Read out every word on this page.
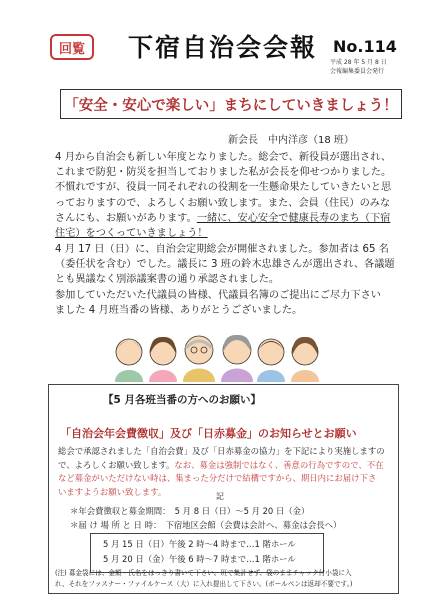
回覧	下宿自治会会報 No.114
平成 28 年 5 月 8 日
会報編集委員会発行
「安全・安心で楽しい」まちにしていきましょう！
新会長　中内洋彦（18 班）
4 月から自治会も新しい年度となりました。総会で、新役員が選出され、
これまで防犯・防災を担当しておりました私が会長を仰せつかりました。
不慣れですが、役員一同それぞれの役割を一生懸命果たしていきたいと思
っておりますので、よろしくお願い致します。また、会員（住民）のみな
さんにも、お願いがあります。一緒に、安心安全で健康長寿のまち（下宿
住宅）をつくっていきましょう！
4 月 17 日（日）に、自治会定期総会が開催されました。参加者は 65 名
（委任状を含む）でした。議長に 3 班の鈴木忠雄さんが選出され、各議題
とも異議なく別添議案書の通り承認されました。
参加していただいた代議員の皆様、代議員名簿のご提出にご尽力下さい
ました 4 月班当番の皆様、ありがとうございました。
【5 月各班当番の方へのお願い】
「自治会年会費徴収」及び「日赤募金」のお知らせとお願い
総会で承認されました「自治会費」及び「日赤募金の協力」を下記により実施しますの
で、よろしくお願い致します。なお、募金は強制ではなく、善意の行為ですので、不在
など募金がいただけない時は、集まった分だけで結構ですから、期日内にお届け下さ
いますようお願い致します。	記
＊年会費徴収と募金期間：　5 月 8 日（日）〜5 月 20 日（金）
＊届 け 場 所 と 日 時：　下宿地区会館（会費は会計へ、募金は会長へ）
5 月 15 日（日）午後 2 時〜4 時まで…1 階ホール
5 月 20 日（金）午後 6 時〜7 時まで…1 階ホール
(注) 募金袋には、金額・氏名をはっきり書いて下さい。班で集計せず、袋のままチャック付小袋に入
れ、それをファスナー・ファイルケース（大）に入れ提出して下さい。(ボールペンは返却不要です。)
